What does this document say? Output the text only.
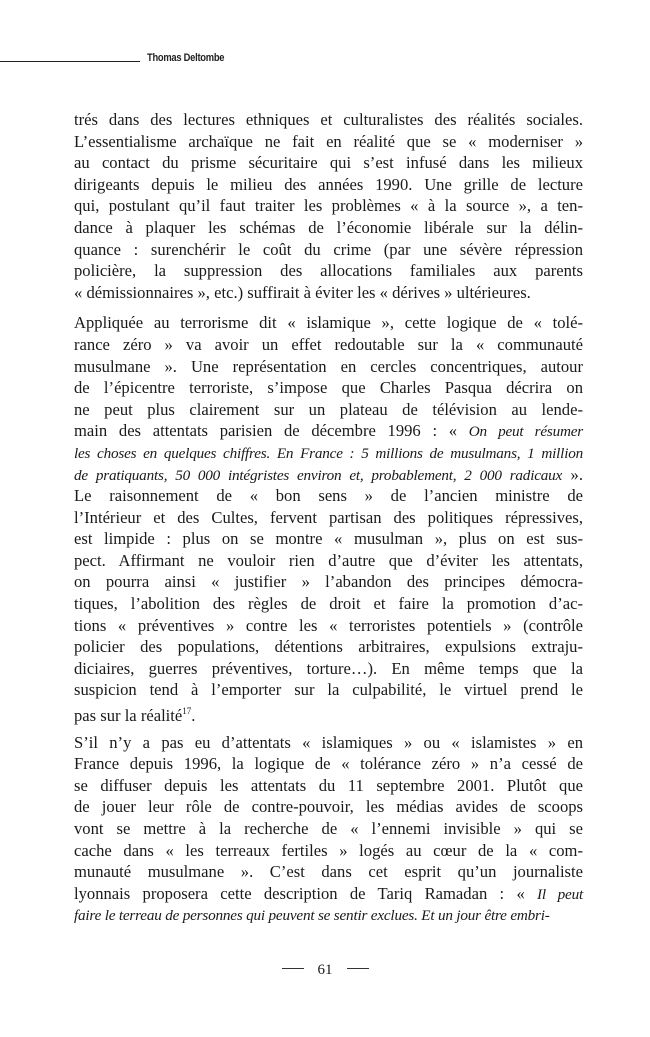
Thomas Deltombe
trés dans des lectures ethniques et culturalistes des réalités sociales.
L’essentialisme archaïque ne fait en réalité que se « moderniser »
au contact du prisme sécuritaire qui s’est infusé dans les milieux
dirigeants depuis le milieu des années 1990. Une grille de lecture
qui, postulant qu’il faut traiter les problèmes « à la source », a ten-
dance à plaquer les schémas de l’économie libérale sur la délin-
quance : surenchérir le coût du crime (par une sévère répression
policière, la suppression des allocations familiales aux parents
« démissionnaires », etc.) suffirait à éviter les « dérives » ultérieures.
Appliquée au terrorisme dit « islamique », cette logique de « tolé-
rance zéro » va avoir un effet redoutable sur la « communauté
musulmane ». Une représentation en cercles concentriques, autour
de l’épicentre terroriste, s’impose que Charles Pasqua décrira on
ne peut plus clairement sur un plateau de télévision au lende-
main des attentats parisien de décembre 1996 : « On peut résumer
les choses en quelques chiffres. En France : 5 millions de musulmans, 1 million
de pratiquants, 50 000 intégristes environ et, probablement, 2 000 radicaux ».
Le raisonnement de « bon sens » de l’ancien ministre de
l’Intérieur et des Cultes, fervent partisan des politiques répressives,
est limpide : plus on se montre « musulman », plus on est sus-
pect. Affirmant ne vouloir rien d’autre que d’éviter les attentats,
on pourra ainsi « justifier » l’abandon des principes démocra-
tiques, l’abolition des règles de droit et faire la promotion d’ac-
tions « préventives » contre les « terroristes potentiels » (contrôle
policier des populations, détentions arbitraires, expulsions extraju-
diciaires, guerres préventives, torture…). En même temps que la
suspicion tend à l’emporter sur la culpabilité, le virtuel prend le
pas sur la réalité$^{17}$.
S’il n’y a pas eu d’attentats « islamiques » ou « islamistes » en
France depuis 1996, la logique de « tolérance zéro » n’a cessé de
se diffuser depuis les attentats du 11 septembre 2001. Plutôt que
de jouer leur rôle de contre-pouvoir, les médias avides de scoops
vont se mettre à la recherche de « l’ennemi invisible » qui se
cache dans « les terreaux fertiles » logés au cœur de la « com-
munauté musulmane ». C’est dans cet esprit qu’un journaliste
lyonnais proposera cette description de Tariq Ramadan : « Il peut
faire le terreau de personnes qui peuvent se sentir exclues. Et un jour être embri-
61
